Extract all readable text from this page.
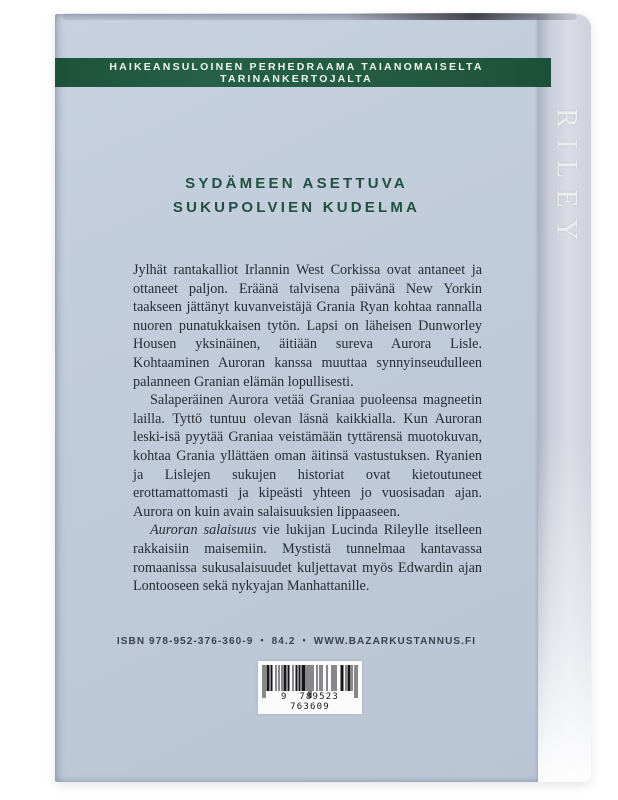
RILEY
HAIKEANSULOINEN PERHEDRAAMA TAIANOMAISELTA TARINANKERTOJALTA
SYDÄMEEN ASETTUVA
SUKUPOLVIEN KUDELMA

Jylhät rantakalliot Irlannin West Corkissa ovat antaneet ja ottaneet paljon. Eräänä talvisena päivänä New Yorkin taakseen jättänyt kuvanveistäjä Grania Ryan kohtaa rannalla nuoren punatukkaisen tytön. Lapsi on läheisen Dunworley Housen yksinäinen, äitiään sureva Aurora Lisle. Kohtaaminen Auroran kanssa muuttaa synnyinseudulleen palanneen Granian elämän lopullisesti.

Salaperäinen Aurora vetää Graniaa puoleensa magneetin lailla. Tyttö tuntuu olevan läsnä kaikkialla. Kun Auroran leski-isä pyytää Graniaa veistämään tyttärensä muotokuvan, kohtaa Grania yllättäen oman äitinsä vastustuksen. Ryanien ja Lislejen sukujen historiat ovat kietoutuneet erottamattomasti ja kipeästi yhteen jo vuosisadan ajan. Aurora on kuin avain salaisuuksien lippaaseen.

Auroran salaisuus vie lukijan Lucinda Rileylle itselleen rakkaisiin maisemiin. Mystistä tunnelmaa kantavassa romaanissa sukusalaisuudet kuljettavat myös Edwardin ajan Lontooseen sekä nykyajan Manhattanille.

ISBN 978-952-376-360-9 • 84.2 • WWW.BAZARKUSTANNUS.FI
9 789523 763609
